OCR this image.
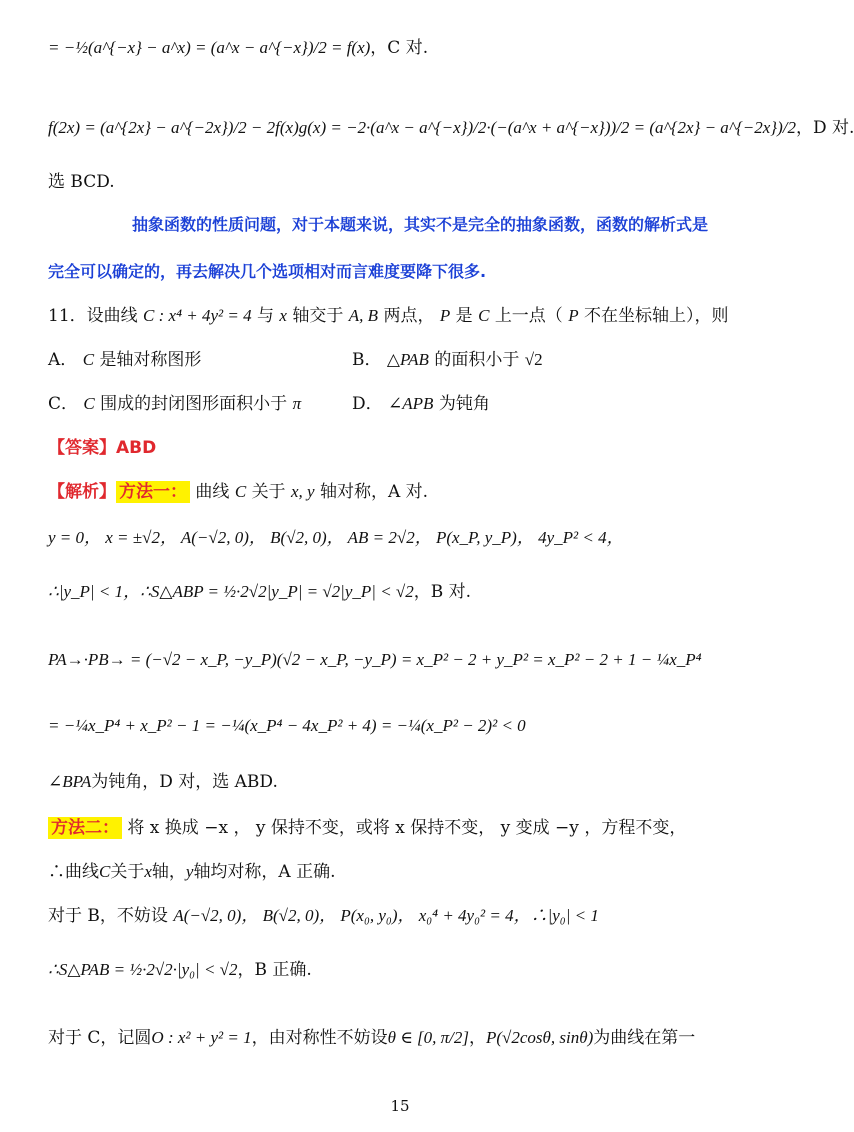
= −½(a^{−x} − a^x) = (a^x − a^{−x})/2 = f(x)，C 对.
f(2x) = (a^{2x} − a^{−2x})/2 − 2f(x)g(x) = −2·(a^x − a^{−x})/2·(−(a^x + a^{−x}))/2 = (a^{2x} − a^{−2x})/2，D 对.
选 BCD.
抽象函数的性质问题，对于本题来说，其实不是完全的抽象函数，函数的解析式是
完全可以确定的，再去解决几个选项相对而言难度要降下很多.
11．设曲线 C : x⁴ + 4y² = 4 与 x 轴交于 A, B 两点， P 是 C 上一点（ P 不在坐标轴上），则
A． C 是轴对称图形	B． △PAB 的面积小于 √2
C． C 围成的封闭图形面积小于 π	D． ∠APB 为钝角
【答案】ABD
【解析】 方法一： 曲线 C 关于 x, y 轴对称，A 对.
y = 0， x = ±√2， A(−√2, 0)， B(√2, 0)， AB = 2√2， P(x_P, y_P)， 4y_P² < 4，
∴|y_P| < 1，∴S△ABP = ½·2√2|y_P| = √2|y_P| < √2，B 对.
PA→·PB→ = (−√2 − x_P, −y_P)(√2 − x_P, −y_P) = x_P² − 2 + y_P² = x_P² − 2 + 1 − ¼x_P⁴
= −¼x_P⁴ + x_P² − 1 = −¼(x_P⁴ − 4x_P² + 4) = −¼(x_P² − 2)² < 0
∠BPA为钝角，D 对，选 ABD.
方法二： 将 x 换成 −x ， y 保持不变，或将 x 保持不变， y 变成 −y ，方程不变，
∴曲线C关于x轴，y轴均对称，A 正确.
对于 B，不妨设 A(−√2, 0)， B(√2, 0)， P(x₀, y₀)， x₀⁴ + 4y₀² = 4，∴|y₀| < 1
∴S△PAB = ½·2√2·|y₀| < √2，B 正确.
对于 C，记圆O : x² + y² = 1，由对称性不妨设θ ∈ [0, π/2]，P(√2cosθ, sinθ)为曲线在第一
15
